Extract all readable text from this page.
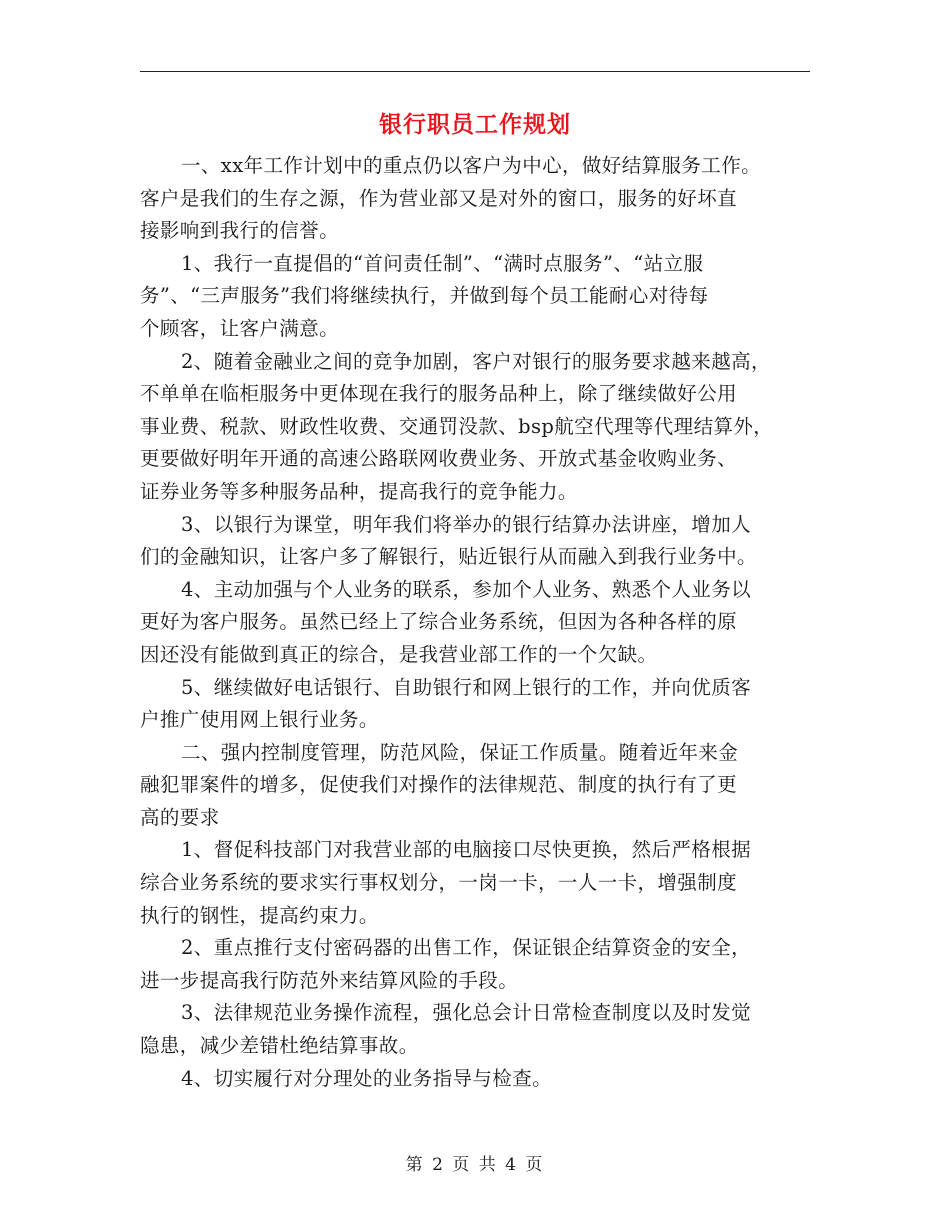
银行职员工作规划

一、xx年工作计划中的重点仍以客户为中心，做好结算服务工作。
客户是我们的生存之源，作为营业部又是对外的窗口，服务的好坏直
接影响到我行的信誉。

1、我行一直提倡的“首问责任制”、“满时点服务”、“站立服
务”、“三声服务”我们将继续执行，并做到每个员工能耐心对待每
个顾客，让客户满意。

2、随着金融业之间的竞争加剧，客户对银行的服务要求越来越高，
不单单在临柜服务中更体现在我行的服务品种上，除了继续做好公用
事业费、税款、财政性收费、交通罚没款、bsp航空代理等代理结算外，
更要做好明年开通的高速公路联网收费业务、开放式基金收购业务、
证券业务等多种服务品种，提高我行的竞争能力。

3、以银行为课堂，明年我们将举办的银行结算办法讲座，增加人
们的金融知识，让客户多了解银行，贴近银行从而融入到我行业务中。

4、主动加强与个人业务的联系，参加个人业务、熟悉个人业务以
更好为客户服务。虽然已经上了综合业务系统，但因为各种各样的原
因还没有能做到真正的综合，是我营业部工作的一个欠缺。

5、继续做好电话银行、自助银行和网上银行的工作，并向优质客
户推广使用网上银行业务。

二、强内控制度管理，防范风险，保证工作质量。随着近年来金
融犯罪案件的增多，促使我们对操作的法律规范、制度的执行有了更
高的要求

1、督促科技部门对我营业部的电脑接口尽快更换，然后严格根据
综合业务系统的要求实行事权划分，一岗一卡，一人一卡，增强制度
执行的钢性，提高约束力。

2、重点推行支付密码器的出售工作，保证银企结算资金的安全，
进一步提高我行防范外来结算风险的手段。

3、法律规范业务操作流程，强化总会计日常检查制度以及时发觉
隐患，减少差错杜绝结算事故。

4、切实履行对分理处的业务指导与检查。

第 2 页 共 4 页
